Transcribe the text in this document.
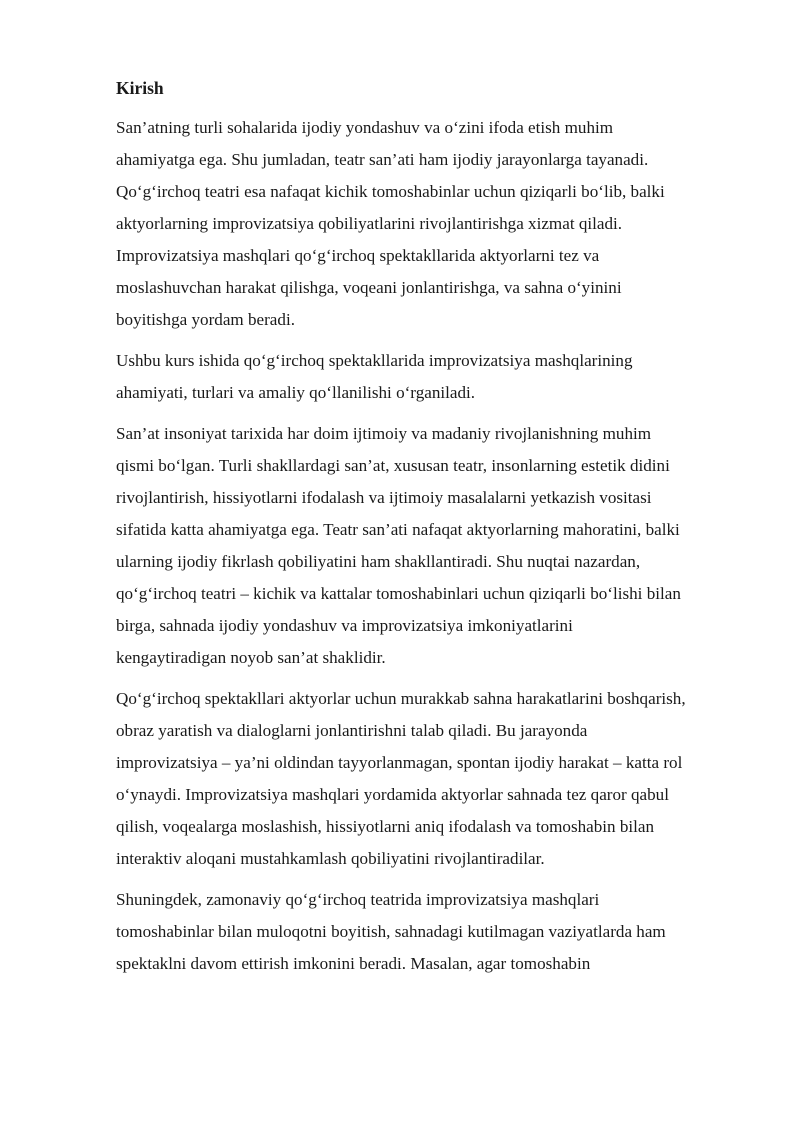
Kirish

San’atning turli sohalarida ijodiy yondashuv va o‘zini ifoda etish muhim
ahamiyatga ega. Shu jumladan, teatr san’ati ham ijodiy jarayonlarga tayanadi.
Qo‘g‘irchoq teatri esa nafaqat kichik tomoshabinlar uchun qiziqarli bo‘lib, balki
aktyorlarning improvizatsiya qobiliyatlarini rivojlantirishga xizmat qiladi.
Improvizatsiya mashqlari qo‘g‘irchoq spektakllarida aktyorlarni tez va
moslashuvchan harakat qilishga, voqeani jonlantirishga, va sahna o‘yinini
boyitishga yordam beradi.

Ushbu kurs ishida qo‘g‘irchoq spektakllarida improvizatsiya mashqlarining
ahamiyati, turlari va amaliy qo‘llanilishi o‘rganiladi.

San’at insoniyat tarixida har doim ijtimoiy va madaniy rivojlanishning muhim
qismi bo‘lgan. Turli shakllardagi san’at, xususan teatr, insonlarning estetik didini
rivojlantirish, hissiyotlarni ifodalash va ijtimoiy masalalarni yetkazish vositasi
sifatida katta ahamiyatga ega. Teatr san’ati nafaqat aktyorlarning mahoratini, balki
ularning ijodiy fikrlash qobiliyatini ham shakllantiradi. Shu nuqtai nazardan,
qo‘g‘irchoq teatri – kichik va kattalar tomoshabinlari uchun qiziqarli bo‘lishi bilan
birga, sahnada ijodiy yondashuv va improvizatsiya imkoniyatlarini
kengaytiradigan noyob san’at shaklidir.

Qo‘g‘irchoq spektakllari aktyorlar uchun murakkab sahna harakatlarini boshqarish,
obraz yaratish va dialoglarni jonlantirishni talab qiladi. Bu jarayonda
improvizatsiya – ya’ni oldindan tayyorlanmagan, spontan ijodiy harakat – katta rol
o‘ynaydi. Improvizatsiya mashqlari yordamida aktyorlar sahnada tez qaror qabul
qilish, voqealarga moslashish, hissiyotlarni aniq ifodalash va tomoshabin bilan
interaktiv aloqani mustahkamlash qobiliyatini rivojlantiradilar.

Shuningdek, zamonaviy qo‘g‘irchoq teatrida improvizatsiya mashqlari
tomoshabinlar bilan muloqotni boyitish, sahnadagi kutilmagan vaziyatlarda ham
spektaklni davom ettirish imkonini beradi. Masalan, agar tomoshabin
